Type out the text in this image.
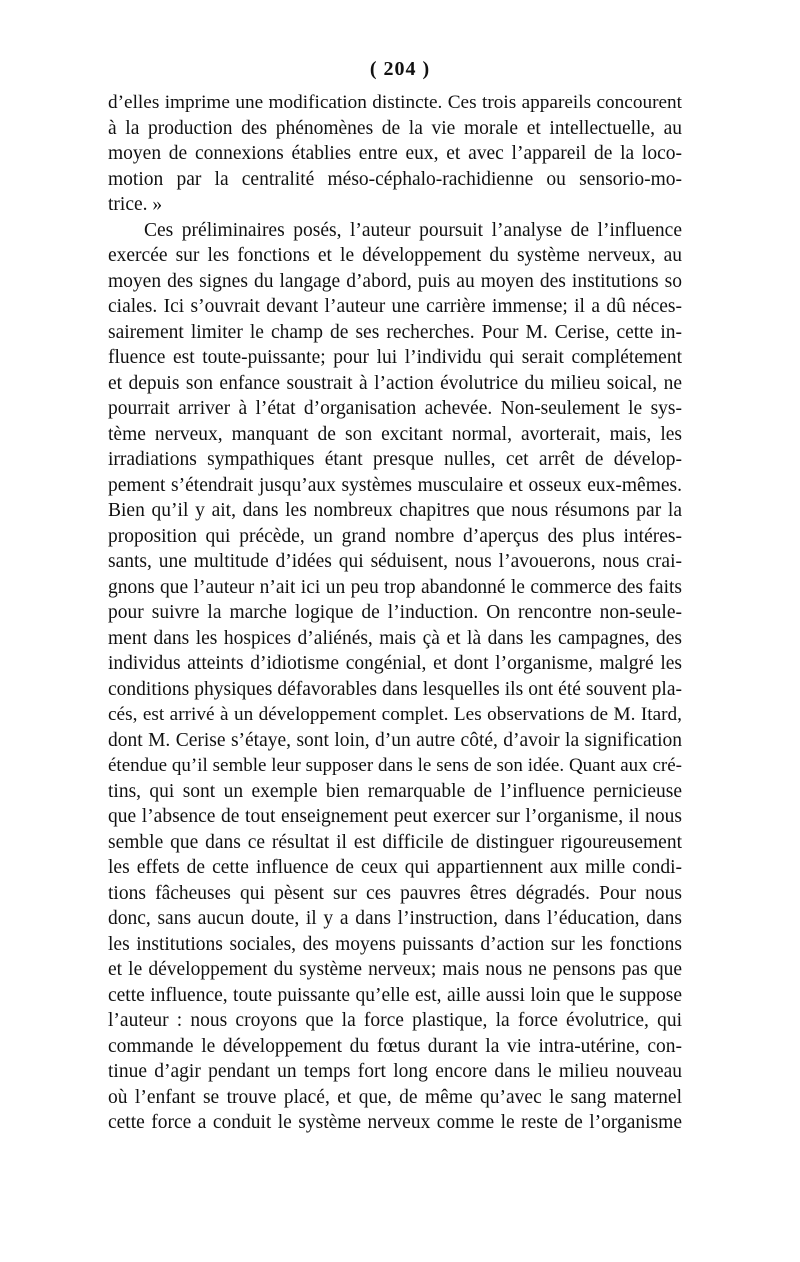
( 204 )
d’elles imprime une modification distincte. Ces trois appareils concourent
à la production des phénomènes de la vie morale et intellectuelle, au
moyen de connexions établies entre eux, et avec l’appareil de la loco-
motion par la centralité méso-céphalo-rachidienne ou sensorio-mo-
trice. »
Ces préliminaires posés, l’auteur poursuit l’analyse de l’influence
exercée sur les fonctions et le développement du système nerveux, au
moyen des signes du langage d’abord, puis au moyen des institutions so
ciales. Ici s’ouvrait devant l’auteur une carrière immense; il a dû néces-
sairement limiter le champ de ses recherches. Pour M. Cerise, cette in-
fluence est toute-puissante; pour lui l’individu qui serait complétement
et depuis son enfance soustrait à l’action évolutrice du milieu soical, ne
pourrait arriver à l’état d’organisation achevée. Non-seulement le sys-
tème nerveux, manquant de son excitant normal, avorterait, mais, les
irradiations sympathiques étant presque nulles, cet arrêt de dévelop-
pement s’étendrait jusqu’aux systèmes musculaire et osseux eux-mêmes.
Bien qu’il y ait, dans les nombreux chapitres que nous résumons par la
proposition qui précède, un grand nombre d’aperçus des plus intéres-
sants, une multitude d’idées qui séduisent, nous l’avouerons, nous crai-
gnons que l’auteur n’ait ici un peu trop abandonné le commerce des faits
pour suivre la marche logique de l’induction. On rencontre non-seule-
ment dans les hospices d’aliénés, mais çà et là dans les campagnes, des
individus atteints d’idiotisme congénial, et dont l’organisme, malgré les
conditions physiques défavorables dans lesquelles ils ont été souvent pla-
cés, est arrivé à un développement complet. Les observations de M. Itard,
dont M. Cerise s’étaye, sont loin, d’un autre côté, d’avoir la signification
étendue qu’il semble leur supposer dans le sens de son idée. Quant aux cré-
tins, qui sont un exemple bien remarquable de l’influence pernicieuse
que l’absence de tout enseignement peut exercer sur l’organisme, il nous
semble que dans ce résultat il est difficile de distinguer rigoureusement
les effets de cette influence de ceux qui appartiennent aux mille condi-
tions fâcheuses qui pèsent sur ces pauvres êtres dégradés. Pour nous
donc, sans aucun doute, il y a dans l’instruction, dans l’éducation, dans
les institutions sociales, des moyens puissants d’action sur les fonctions
et le développement du système nerveux; mais nous ne pensons pas que
cette influence, toute puissante qu’elle est, aille aussi loin que le suppose
l’auteur : nous croyons que la force plastique, la force évolutrice, qui
commande le développement du fœtus durant la vie intra-utérine, con-
tinue d’agir pendant un temps fort long encore dans le milieu nouveau
où l’enfant se trouve placé, et que, de même qu’avec le sang maternel
cette force a conduit le système nerveux comme le reste de l’organisme
